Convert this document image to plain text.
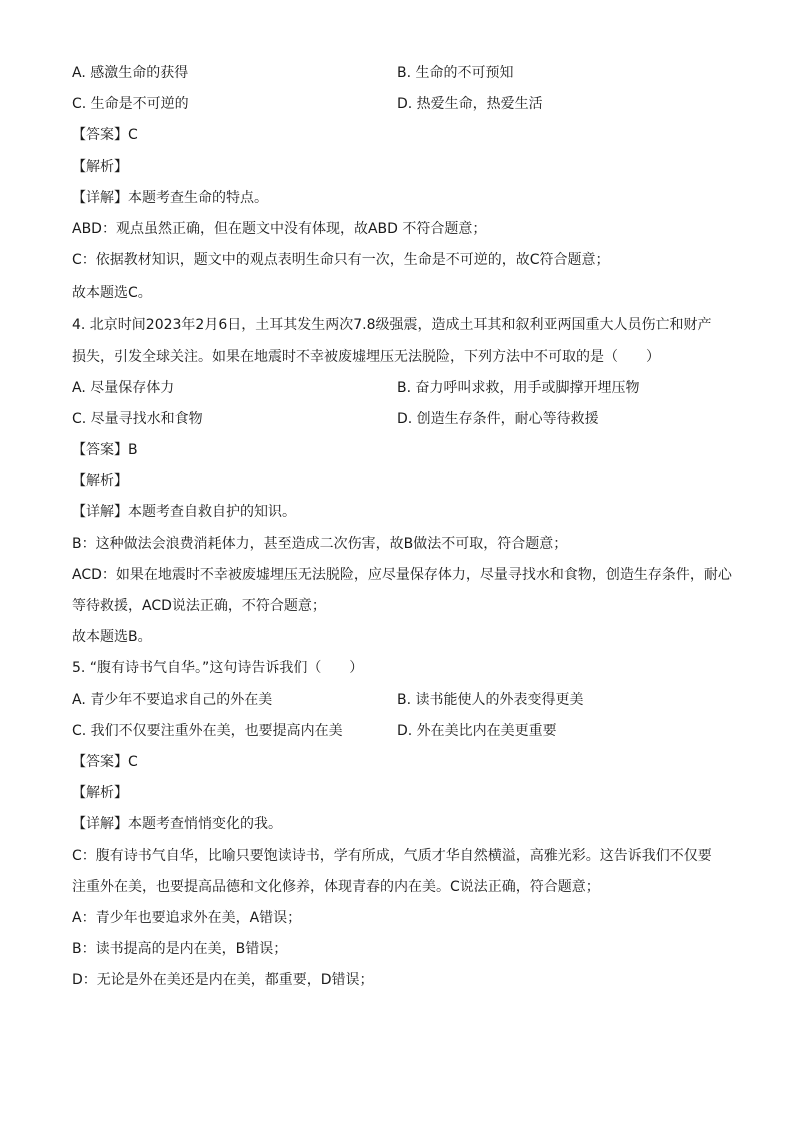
A. 感激生命的获得	B. 生命的不可预知
C. 生命是不可逆的	D. 热爱生命，热爱生活
【答案】C
【解析】
【详解】本题考查生命的特点。
ABD：观点虽然正确，但在题文中没有体现，故ABD 不符合题意；
C：依据教材知识，题文中的观点表明生命只有一次，生命是不可逆的，故C符合题意；
故本题选C。
4. 北京时间2023年2月6日，土耳其发生两次7.8级强震，造成土耳其和叙利亚两国重大人员伤亡和财产
损失，引发全球关注。如果在地震时不幸被废墟埋压无法脱险，下列方法中不可取的是（　　）
A. 尽量保存体力	B. 奋力呼叫求救，用手或脚撑开埋压物
C. 尽量寻找水和食物	D. 创造生存条件，耐心等待救援
【答案】B
【解析】
【详解】本题考查自救自护的知识。
B：这种做法会浪费消耗体力，甚至造成二次伤害，故B做法不可取，符合题意；
ACD：如果在地震时不幸被废墟埋压无法脱险，应尽量保存体力，尽量寻找水和食物，创造生存条件，耐心
等待救援，ACD说法正确，不符合题意；
故本题选B。
5. “腹有诗书气自华。”这句诗告诉我们（　　）
A. 青少年不要追求自己的外在美	B. 读书能使人的外表变得更美
C. 我们不仅要注重外在美，也要提高内在美	D. 外在美比内在美更重要
【答案】C
【解析】
【详解】本题考查悄悄变化的我。
C：腹有诗书气自华，比喻只要饱读诗书，学有所成，气质才华自然横溢，高雅光彩。这告诉我们不仅要
注重外在美，也要提高品德和文化修养，体现青春的内在美。C说法正确，符合题意；
A：青少年也要追求外在美，A错误；
B：读书提高的是内在美，B错误；
D：无论是外在美还是内在美，都重要，D错误；
